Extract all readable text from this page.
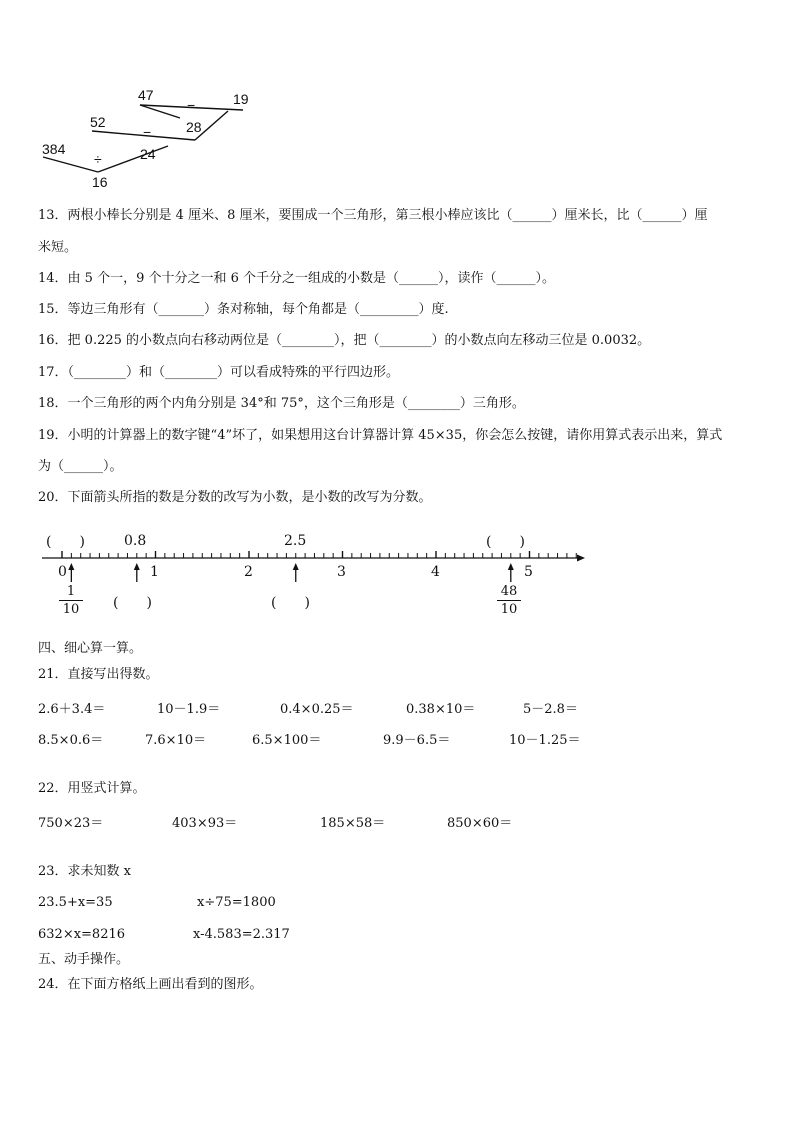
47
−	19
52	28
−
384
÷	24
16
13．两根小棒长分别是 4 厘米、8 厘米，要围成一个三角形，第三根小棒应该比（______）厘米长，比（______）厘
米短。
14．由 5 个一，9 个十分之一和 6 个千分之一组成的小数是（______），读作（______）。
15．等边三角形有（_______）条对称轴，每个角都是（_________）度.
16．把 0.225 的小数点向右移动两位是（________），把（________）的小数点向左移动三位是 0.0032。
17．（________）和（________）可以看成特殊的平行四边形。
18．一个三角形的两个内角分别是 34°和 75°，这个三角形是（________）三角形。
19．小明的计算器上的数字键“4”坏了，如果想用这台计算器计算 45×35，你会怎么按键，请你用算式表示出来，算式
为（______）。
20．下面箭头所指的数是分数的改写为小数，是小数的改写为分数。
(　　)	0.8	2.5	(　　)
0	1	2	3	4	5
1
10 (　　)	(　　)
48
10
四、细心算一算。
21．直接写出得数。
2.6＋3.4＝	10－1.9＝	0.4×0.25＝	0.38×10＝	5－2.8＝
8.5×0.6＝	7.6×10＝	6.5×100＝	9.9－6.5＝	10－1.25＝
22．用竖式计算。
750×23＝	403×93＝	185×58＝	850×60＝
23．求未知数 x
23.5+x=35	x÷75=1800
632×x=8216	x-4.583=2.317
五、动手操作。
24．在下面方格纸上画出看到的图形。
